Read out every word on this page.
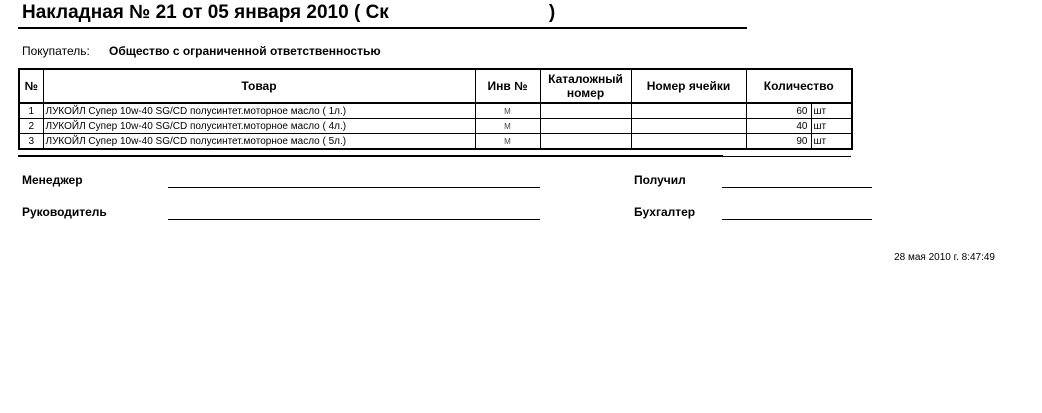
Накладная № 21 от 05 января 2010 ( Ск	)
Покупатель: Общество с ограниченной ответственностью
№	Товар	Инв №	Каталожный номер	Номер ячейки	Количество	
1	ЛУКОЙЛ Супер 10w-40 SG/CD полусинтет.моторное масло ( 1л.)	М			60	шт
2	ЛУКОЙЛ Супер 10w-40 SG/CD полусинтет.моторное масло ( 4л.)	М			40	шт
3	ЛУКОЙЛ Супер 10w-40 SG/CD полусинтет.моторное масло ( 5л.)	М			90	шт
Менеджер
Руководитель
Получил
Бухгалтер
28 мая 2010 г. 8:47:49
